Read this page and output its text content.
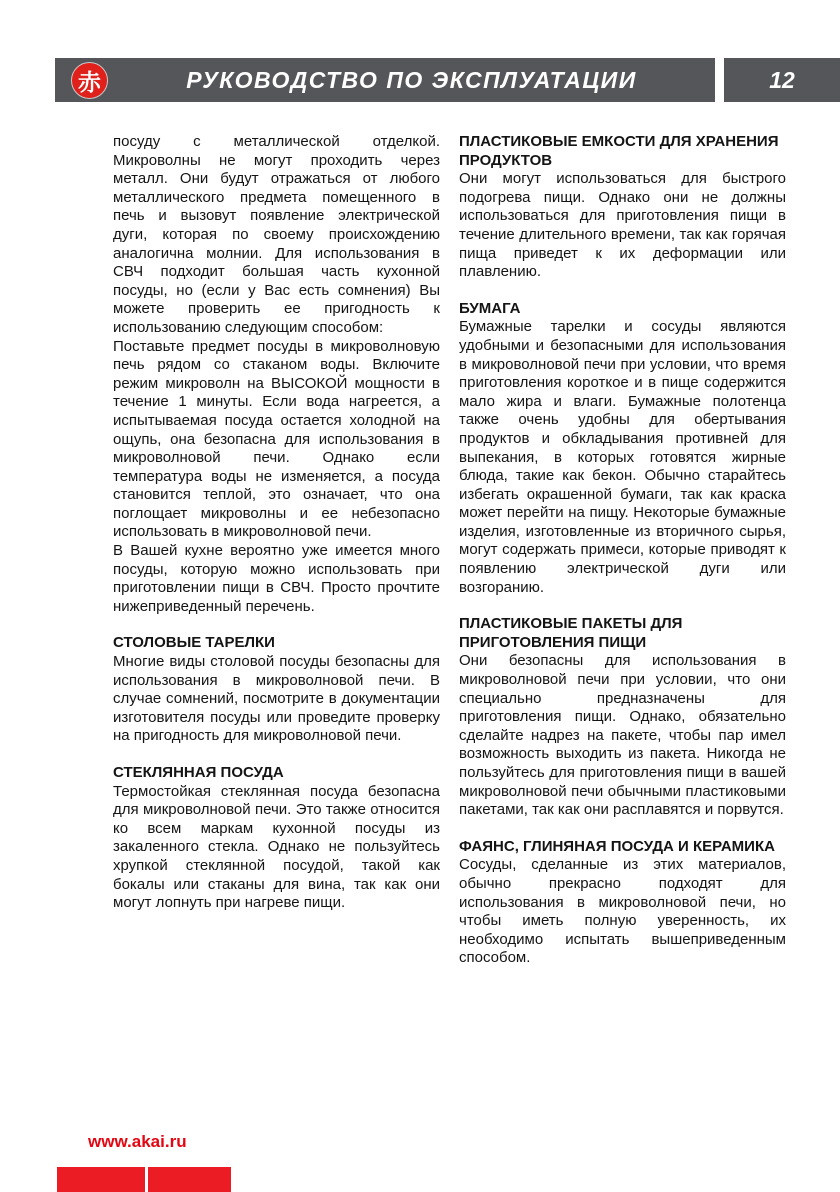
赤	РУКОВОДСТВО ПО ЭКСПЛУАТАЦИИ	12

посуду с металлической отделкой. Микроволны не могут проходить через металл. Они будут отражаться от любого металлического предмета помещенного в печь и вызовут появление электрической дуги, которая по своему происхождению аналогична молнии. Для использования в СВЧ подходит большая часть кухонной посуды, но (если у Вас есть сомнения) Вы можете проверить ее пригодность к использованию следующим способом:

Поставьте предмет посуды в микроволновую печь рядом со стаканом воды. Включите режим микроволн на ВЫСОКОЙ мощности в течение 1 минуты. Если вода нагреется, а испытываемая посуда остается холодной на ощупь, она безопасна для использования в микроволновой печи. Однако если температура воды не изменяется, а посуда становится теплой, это означает, что она поглощает микроволны и ее небезопасно использовать в микроволновой печи.

В Вашей кухне вероятно уже имеется много посуды, которую можно использовать при приготовлении пищи в СВЧ. Просто прочтите нижеприведенный перечень.

СТОЛОВЫЕ ТАРЕЛКИ

Многие виды столовой посуды безопасны для использования в микроволновой печи. В случае сомнений, посмотрите в документации изготовителя посуды или проведите проверку на пригодность для микроволновой печи.

СТЕКЛЯННАЯ ПОСУДА

Термостойкая стеклянная посуда безопасна для микроволновой печи. Это также относится ко всем маркам кухонной посуды из закаленного стекла. Однако не пользуйтесь хрупкой стеклянной посудой, такой как бокалы или стаканы для вина, так как они могут лопнуть при нагреве пищи.

ПЛАСТИКОВЫЕ ЕМКОСТИ ДЛЯ ХРАНЕНИЯ ПРОДУКТОВ

Они могут использоваться для быстрого подогрева пищи. Однако они не должны использоваться для приготовления пищи в течение длительного времени, так как горячая пища приведет к их деформации или плавлению.

БУМАГА

Бумажные тарелки и сосуды являются удобными и безопасными для использования в микроволновой печи при условии, что время приготовления короткое и в пище содержится мало жира и влаги. Бумажные полотенца также очень удобны для обертывания продуктов и обкладывания противней для выпекания, в которых готовятся жирные блюда, такие как бекон. Обычно старайтесь избегать окрашенной бумаги, так как краска может перейти на пищу. Некоторые бумажные изделия, изготовленные из вторичного сырья, могут содержать примеси, которые приводят к появлению электрической дуги или возгоранию.

ПЛАСТИКОВЫЕ ПАКЕТЫ ДЛЯ ПРИГОТОВЛЕНИЯ ПИЩИ

Они безопасны для использования в микроволновой печи при условии, что они специально предназначены для приготовления пищи. Однако, обязательно сделайте надрез на пакете, чтобы пар имел возможность выходить из пакета. Никогда не пользуйтесь для приготовления пищи в вашей микроволновой печи обычными пластиковыми пакетами, так как они расплавятся и порвутся.

ФАЯНС, ГЛИНЯНАЯ ПОСУДА И КЕРАМИКА

Сосуды, сделанные из этих материалов, обычно прекрасно подходят для использования в микроволновой печи, но чтобы иметь полную уверенность, их необходимо испытать вышеприведенным способом.

www.akai.ru
